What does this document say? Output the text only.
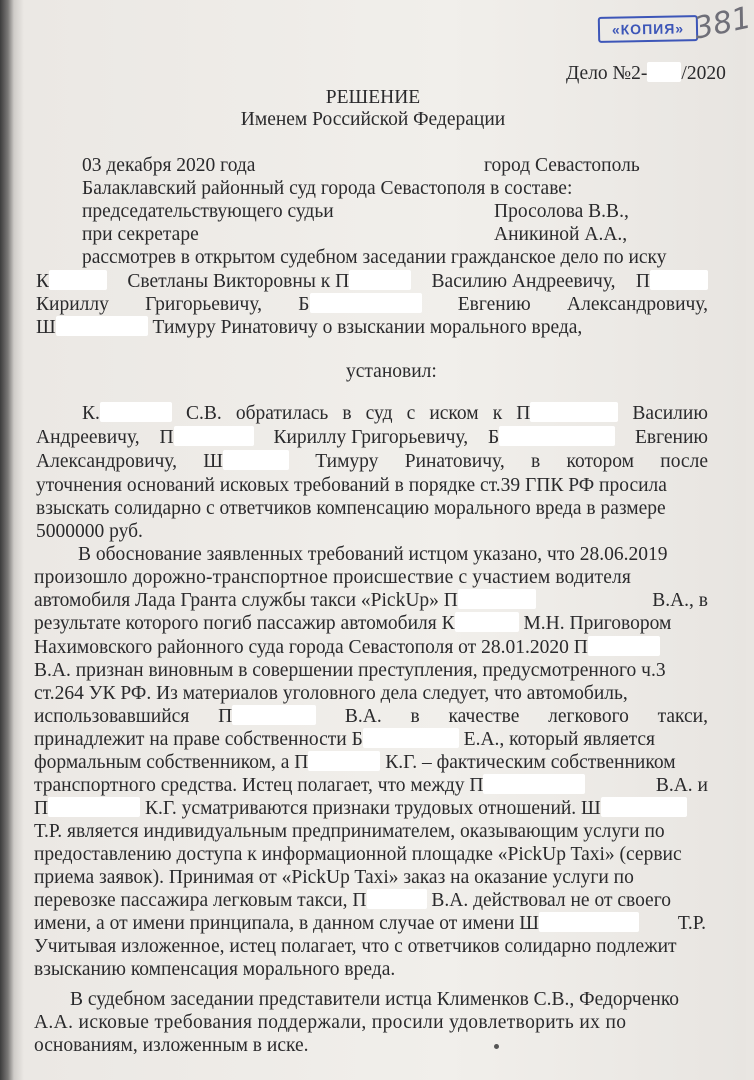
«КОПИЯ» 381
Дело №2- /2020
РЕШЕНИЕ
Именем Российской Федерации
03 декабря 2020 года	город Севастополь
Балаклавский районный суд города Севастополя в составе:
председательствующего судьи	Просолова В.В.,
при секретаре	Аникиной А.А.,
рассмотрев в открытом судебном заседании гражданское дело по иску
К	Светланы Викторовны к П	Василию Андреевичу, П
Кириллу Григорьевичу, Б	Евгению Александровичу,
Ш	Тимуру Ринатовичу о взыскании морального вреда,
установил:
К.	С.В. обратилась в суд с иском к П	Василию
Андреевичу, П	Кириллу Григорьевичу, Б	Евгению
Александровичу, Ш	Тимуру Ринатовичу, в котором после
уточнения оснований исковых требований в порядке ст.39 ГПК РФ просила
взыскать солидарно с ответчиков компенсацию морального вреда в размере
5000000 руб.
В обоснование заявленных требований истцом указано, что 28.06.2019
произошло дорожно-транспортное происшествие с участием водителя
автомобиля Лада Гранта службы такси «PickUp» П	В.А., в
результате которого погиб пассажир автомобиля К	М.Н. Приговором
Нахимовского районного суда города Севастополя от 28.01.2020 П
В.А. признан виновным в совершении преступления, предусмотренного ч.3
ст.264 УК РФ. Из материалов уголовного дела следует, что автомобиль,
использовавшийся П	В.А. в качестве легкового такси,
принадлежит на праве собственности Б	Е.А., который является
формальным собственником, а П	К.Г. – фактическим собственником
транспортного средства. Истец полагает, что между П	В.А. и
П	К.Г. усматриваются признаки трудовых отношений. Ш
Т.Р. является индивидуальным предпринимателем, оказывающим услуги по
предоставлению доступа к информационной площадке «PickUp Taxi» (сервис
приема заявок). Принимая от «PickUp Taxi» заказ на оказание услуги по
перевозке пассажира легковым такси, П	В.А. действовал не от своего
имени, а от имени принципала, в данном случае от имени Ш	Т.Р.
Учитывая изложенное, истец полагает, что с ответчиков солидарно подлежит
взысканию компенсация морального вреда.
В судебном заседании представители истца Клименков С.В., Федорченко
А.А. исковые требования поддержали, просили удовлетворить их по
основаниям, изложенным в иске.
